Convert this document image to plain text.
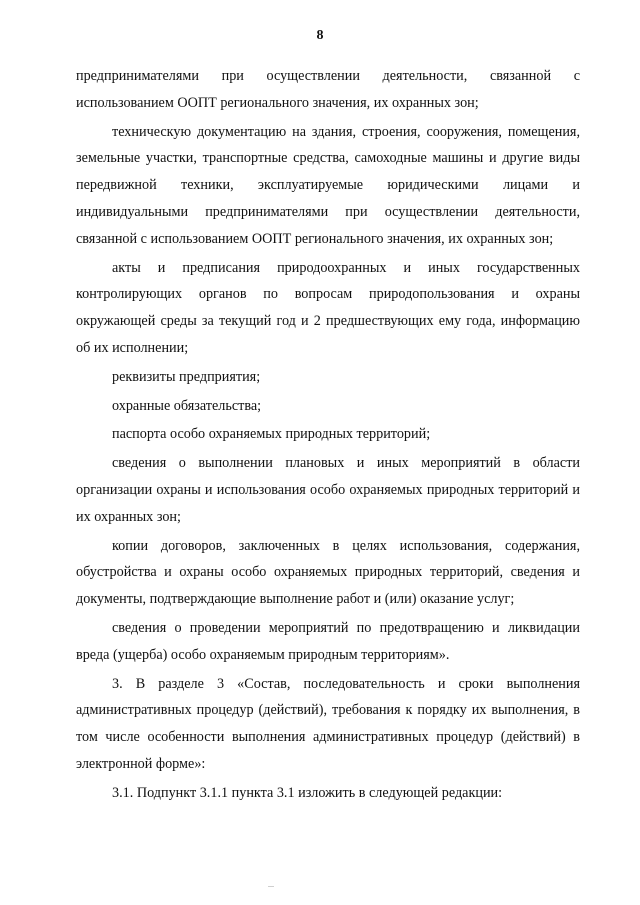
8

предпринимателями при осуществлении деятельности, связанной с использованием ООПТ регионального значения, их охранных зон;

техническую документацию на здания, строения, сооружения, помещения, земельные участки, транспортные средства, самоходные машины и другие виды передвижной техники, эксплуатируемые юридическими лицами и индивидуальными предпринимателями при осуществлении деятельности, связанной с использованием ООПТ регионального значения, их охранных зон;

акты и предписания природоохранных и иных государственных контролирующих органов по вопросам природопользования и охраны окружающей среды за текущий год и 2 предшествующих ему года, информацию об их исполнении;

реквизиты предприятия;

охранные обязательства;

паспорта особо охраняемых природных территорий;

сведения о выполнении плановых и иных мероприятий в области организации охраны и использования особо охраняемых природных территорий и их охранных зон;

копии договоров, заключенных в целях использования, содержания, обустройства и охраны особо охраняемых природных территорий, сведения и документы, подтверждающие выполнение работ и (или) оказание услуг;

сведения о проведении мероприятий по предотвращению и ликвидации вреда (ущерба) особо охраняемым природным территориям».

3. В разделе 3 «Состав, последовательность и сроки выполнения административных процедур (действий), требования к порядку их выполнения, в том числе особенности выполнения административных процедур (действий) в электронной форме»:

3.1. Подпункт 3.1.1 пункта 3.1 изложить в следующей редакции:
